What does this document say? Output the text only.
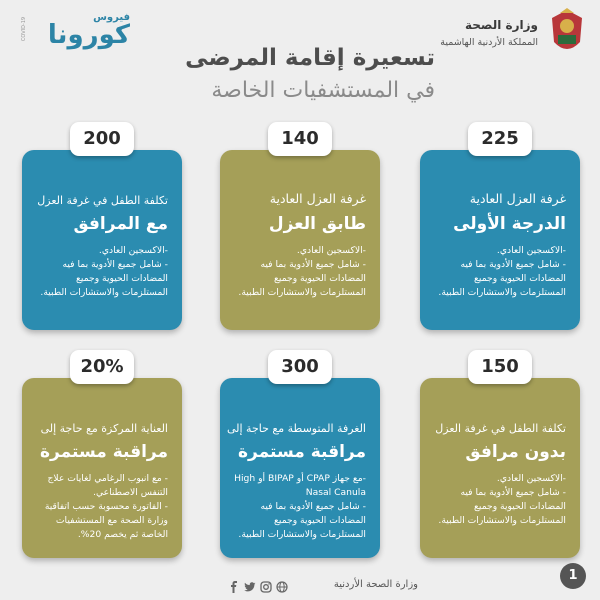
وزارة الصحة
المملكة الأردنية الهاشمية
فيروس
كورونا
COVID-19
تسعيرة إقامة المرضى
في المستشفيات الخاصة
225
غرفة العزل العادية
الدرجة الأولى
-الاكسجين العادي.
- شامل جميع الأدوية بما فيه
المضادات الحيوية وجميع
المستلزمات والاستشارات الطبية.
140
غرفة العزل العادية
طابق العزل
-الاكسجين العادي.
- شامل جميع الأدوية بما فيه
المضادات الحيوية وجميع
المستلزمات والاستشارات الطبية.
200
تكلفة الطفل في غرفة العزل
مع المرافق
-الاكسجين العادي.
- شامل جميع الأدوية بما فيه
المضادات الحيوية وجميع
المستلزمات والاستشارات الطبية.
150
تكلفة الطفل في غرفة العزل
بدون مرافق
-الاكسجين العادي.
- شامل جميع الأدوية بما فيه
المضادات الحيوية وجميع
المستلزمات والاستشارات الطبية.
300
الغرفة المتوسطة مع حاجة إلى
مراقبة مستمرة
-مع جهاز CPAP أو BIPAP أو High
Nasal Canula
- شامل جميع الأدوية بما فيه
المضادات الحيوية وجميع
المستلزمات والاستشارات الطبية.
20%
العناية المركزة مع حاجة إلى
مراقبة مستمرة
- مع انبوب الرغامي لغايات علاج
التنفس الاصطناعي.
- الفاتورة محسوبة حسب اتفاقية
وزارة الصحة مع المستشفيات
الخاصة ثم يخصم 20%.
وزارة الصحة الأردنية
1
